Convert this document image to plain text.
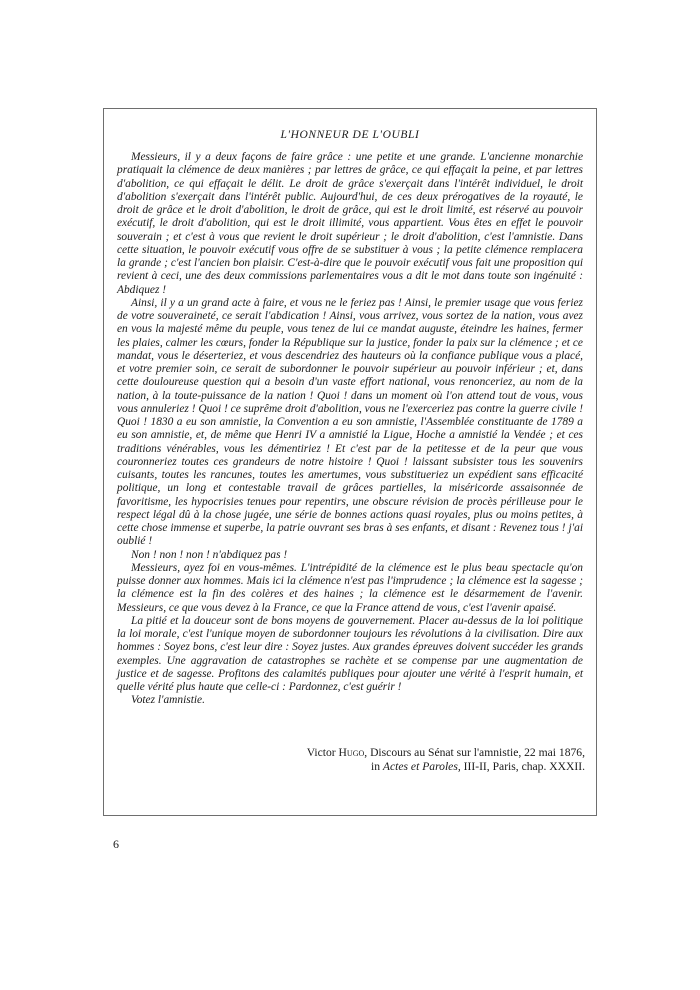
L'HONNEUR DE L'OUBLI

Messieurs, il y a deux façons de faire grâce : une petite et une grande. L'ancienne monarchie pratiquait la clémence de deux manières ; par lettres de grâce, ce qui effaçait la peine, et par lettres d'abolition, ce qui effaçait le délit. Le droit de grâce s'exerçait dans l'intérêt individuel, le droit d'abolition s'exerçait dans l'intérêt public. Aujourd'hui, de ces deux prérogatives de la royauté, le droit de grâce et le droit d'abolition, le droit de grâce, qui est le droit limité, est réservé au pouvoir exécutif, le droit d'abolition, qui est le droit illimité, vous appartient. Vous êtes en effet le pouvoir souverain ; et c'est à vous que revient le droit supérieur ; le droit d'abolition, c'est l'amnistie. Dans cette situation, le pouvoir exécutif vous offre de se substituer à vous ; la petite clémence remplacera la grande ; c'est l'ancien bon plaisir. C'est-à-dire que le pouvoir exécutif vous fait une proposition qui revient à ceci, une des deux commissions parlementaires vous a dit le mot dans toute son ingénuité : Abdiquez !

Ainsi, il y a un grand acte à faire, et vous ne le feriez pas ! Ainsi, le premier usage que vous feriez de votre souveraineté, ce serait l'abdication ! Ainsi, vous arrivez, vous sortez de la nation, vous avez en vous la majesté même du peuple, vous tenez de lui ce mandat auguste, éteindre les haines, fermer les plaies, calmer les cœurs, fonder la République sur la justice, fonder la paix sur la clémence ; et ce mandat, vous le déserteriez, et vous descendriez des hauteurs où la confiance publique vous a placé, et votre premier soin, ce serait de subordonner le pouvoir supérieur au pouvoir inférieur ; et, dans cette douloureuse question qui a besoin d'un vaste effort national, vous renonceriez, au nom de la nation, à la toute-puissance de la nation ! Quoi ! dans un moment où l'on attend tout de vous, vous vous annuleriez ! Quoi ! ce suprême droit d'abolition, vous ne l'exerceriez pas contre la guerre civile ! Quoi ! 1830 a eu son amnistie, la Convention a eu son amnistie, l'Assemblée constituante de 1789 a eu son amnistie, et, de même que Henri IV a amnistié la Ligue, Hoche a amnistié la Vendée ; et ces traditions vénérables, vous les démentiriez ! Et c'est par de la petitesse et de la peur que vous couronneriez toutes ces grandeurs de notre histoire ! Quoi ! laissant subsister tous les souvenirs cuisants, toutes les rancunes, toutes les amertumes, vous substitueriez un expédient sans efficacité politique, un long et contestable travail de grâces partielles, la miséricorde assaisonnée de favoritisme, les hypocrisies tenues pour repentirs, une obscure révision de procès périlleuse pour le respect légal dû à la chose jugée, une série de bonnes actions quasi royales, plus ou moins petites, à cette chose immense et superbe, la patrie ouvrant ses bras à ses enfants, et disant : Revenez tous ! j'ai oublié !

Non ! non ! non ! n'abdiquez pas !

Messieurs, ayez foi en vous-mêmes. L'intrépidité de la clémence est le plus beau spectacle qu'on puisse donner aux hommes. Mais ici la clémence n'est pas l'imprudence ; la clémence est la sagesse ; la clémence est la fin des colères et des haines ; la clémence est le désarmement de l'avenir. Messieurs, ce que vous devez à la France, ce que la France attend de vous, c'est l'avenir apaisé.

La pitié et la douceur sont de bons moyens de gouvernement. Placer au-dessus de la loi politique la loi morale, c'est l'unique moyen de subordonner toujours les révolutions à la civilisation. Dire aux hommes : Soyez bons, c'est leur dire : Soyez justes. Aux grandes épreuves doivent succéder les grands exemples. Une aggravation de catastrophes se rachète et se compense par une augmentation de justice et de sagesse. Profitons des calamités publiques pour ajouter une vérité à l'esprit humain, et quelle vérité plus haute que celle-ci : Pardonnez, c'est guérir !

Votez l'amnistie.

Victor Hugo, Discours au Sénat sur l'amnistie, 22 mai 1876,
in Actes et Paroles, III-II, Paris, chap. XXXII.
6
